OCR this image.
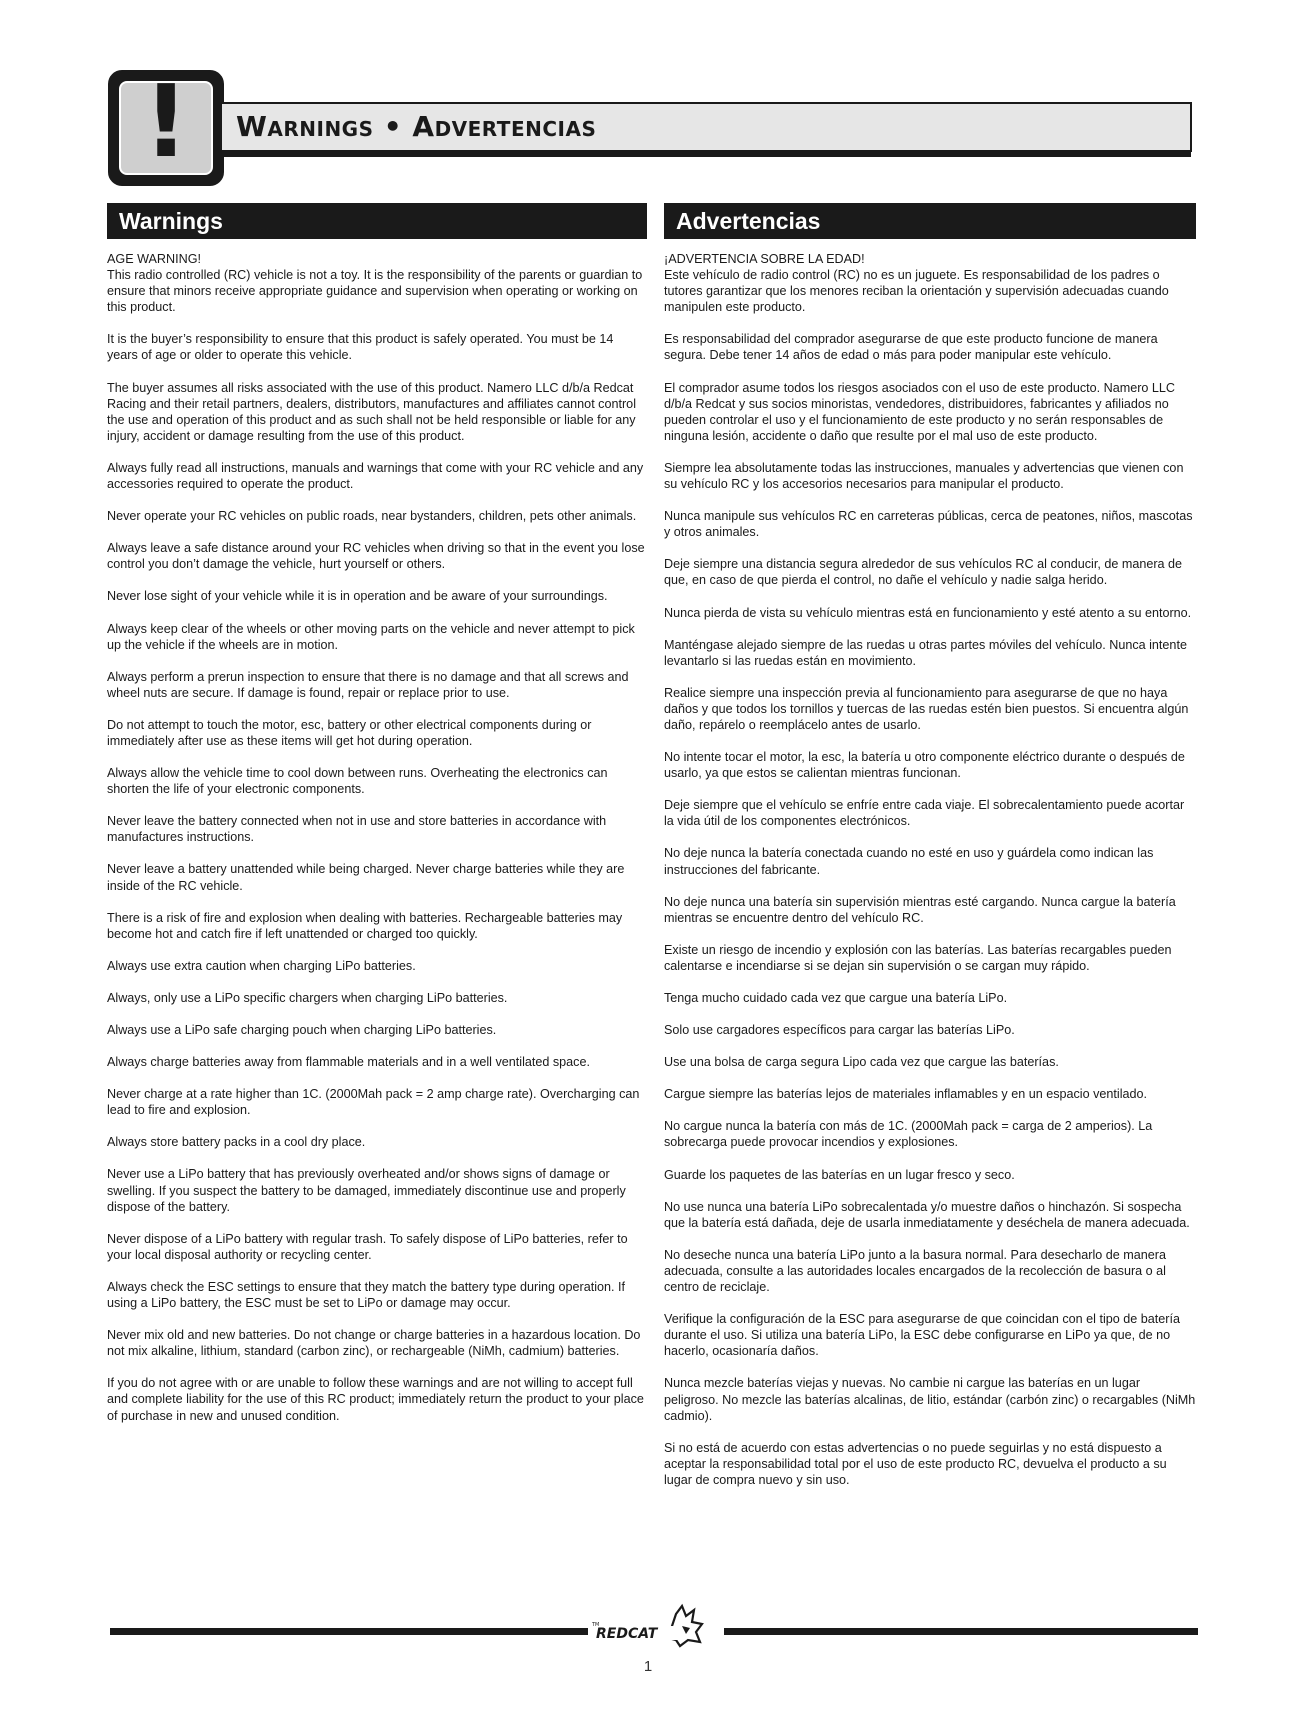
!	Warnings • Advertencias
Warnings

AGE WARNING!
This radio controlled (RC) vehicle is not a toy. It is the responsibility of the parents or guardian to ensure that minors receive appropriate guidance and supervision when operating or working on this product.

It is the buyer’s responsibility to ensure that this product is safely operated. You must be 14 years of age or older to operate this vehicle.

The buyer assumes all risks associated with the use of this product. Namero LLC d/b/a Redcat Racing and their retail partners, dealers, distributors, manufactures and affiliates cannot control the use and operation of this product and as such shall not be held responsible or liable for any injury, accident or damage resulting from the use of this product.

Always fully read all instructions, manuals and warnings that come with your RC vehicle and any accessories required to operate the product.

Never operate your RC vehicles on public roads, near bystanders, children, pets other animals.

Always leave a safe distance around your RC vehicles when driving so that in the event you lose control you don’t damage the vehicle, hurt yourself or others.

Never lose sight of your vehicle while it is in operation and be aware of your surroundings.

Always keep clear of the wheels or other moving parts on the vehicle and never attempt to pick up the vehicle if the wheels are in motion.

Always perform a prerun inspection to ensure that there is no damage and that all screws and wheel nuts are secure. If damage is found, repair or replace prior to use.

Do not attempt to touch the motor, esc, battery or other electrical components during or immediately after use as these items will get hot during operation.

Always allow the vehicle time to cool down between runs. Overheating the electronics can shorten the life of your electronic components.

Never leave the battery connected when not in use and store batteries in accordance with manufactures instructions.

Never leave a battery unattended while being charged. Never charge batteries while they are inside of the RC vehicle.

There is a risk of fire and explosion when dealing with batteries. Rechargeable batteries may become hot and catch fire if left unattended or charged too quickly.

Always use extra caution when charging LiPo batteries.

Always, only use a LiPo specific chargers when charging LiPo batteries.

Always use a LiPo safe charging pouch when charging LiPo batteries.

Always charge batteries away from flammable materials and in a well ventilated space.

Never charge at a rate higher than 1C. (2000Mah pack = 2 amp charge rate). Overcharging can lead to fire and explosion.

Always store battery packs in a cool dry place.

Never use a LiPo battery that has previously overheated and/or shows signs of damage or swelling. If you suspect the battery to be damaged, immediately discontinue use and properly dispose of the battery.

Never dispose of a LiPo battery with regular trash. To safely dispose of LiPo batteries, refer to your local disposal authority or recycling center.

Always check the ESC settings to ensure that they match the battery type during operation. If using a LiPo battery, the ESC must be set to LiPo or damage may occur.

Never mix old and new batteries. Do not change or charge batteries in a hazardous location. Do not mix alkaline, lithium, standard (carbon zinc), or rechargeable (NiMh, cadmium) batteries.

If you do not agree with or are unable to follow these warnings and are not willing to accept full and complete liability for the use of this RC product; immediately return the product to your place of purchase in new and unused condition.

Advertencias

¡ADVERTENCIA SOBRE LA EDAD!
Este vehículo de radio control (RC) no es un juguete. Es responsabilidad de los padres o tutores garantizar que los menores reciban la orientación y supervisión adecuadas cuando manipulen este producto.

Es responsabilidad del comprador asegurarse de que este producto funcione de manera segura. Debe tener 14 años de edad o más para poder manipular este vehículo.

El comprador asume todos los riesgos asociados con el uso de este producto. Namero LLC d/b/a Redcat y sus socios minoristas, vendedores, distribuidores, fabricantes y afiliados no pueden controlar el uso y el funcionamiento de este producto y no serán responsables de ninguna lesión, accidente o daño que resulte por el mal uso de este producto.

Siempre lea absolutamente todas las instrucciones, manuales y advertencias que vienen con su vehículo RC y los accesorios necesarios para manipular el producto.

Nunca manipule sus vehículos RC en carreteras públicas, cerca de peatones, niños, mascotas y otros animales.

Deje siempre una distancia segura alrededor de sus vehículos RC al conducir, de manera de que, en caso de que pierda el control, no dañe el vehículo y nadie salga herido.

Nunca pierda de vista su vehículo mientras está en funcionamiento y esté atento a su entorno.

Manténgase alejado siempre de las ruedas u otras partes móviles del vehículo. Nunca intente levantarlo si las ruedas están en movimiento.

Realice siempre una inspección previa al funcionamiento para asegurarse de que no haya daños y que todos los tornillos y tuercas de las ruedas estén bien puestos. Si encuentra algún daño, repárelo o reemplácelo antes de usarlo.

No intente tocar el motor, la esc, la batería u otro componente eléctrico durante o después de usarlo, ya que estos se calientan mientras funcionan.

Deje siempre que el vehículo se enfríe entre cada viaje. El sobrecalentamiento puede acortar la vida útil de los componentes electrónicos.

No deje nunca la batería conectada cuando no esté en uso y guárdela como indican las instrucciones del fabricante.

No deje nunca una batería sin supervisión mientras esté cargando. Nunca cargue la batería mientras se encuentre dentro del vehículo RC.

Existe un riesgo de incendio y explosión con las baterías. Las baterías recargables pueden calentarse e incendiarse si se dejan sin supervisión o se cargan muy rápido.

Tenga mucho cuidado cada vez que cargue una batería LiPo.

Solo use cargadores específicos para cargar las baterías LiPo.

Use una bolsa de carga segura Lipo cada vez que cargue las baterías.

Cargue siempre las baterías lejos de materiales inflamables y en un espacio ventilado.

No cargue nunca la batería con más de 1C. (2000Mah pack = carga de 2 amperios). La sobrecarga puede provocar incendios y explosiones.

Guarde los paquetes de las baterías en un lugar fresco y seco.

No use nunca una batería LiPo sobrecalentada y/o muestre daños o hinchazón. Si sospecha que la batería está dañada, deje de usarla inmediatamente y deséchela de manera adecuada.

No deseche nunca una batería LiPo junto a la basura normal. Para desecharlo de manera adecuada, consulte a las autoridades locales encargados de la recolección de basura o al centro de reciclaje.

Verifique la configuración de la ESC para asegurarse de que coincidan con el tipo de batería durante el uso. Si utiliza una batería LiPo, la ESC debe configurarse en LiPo ya que, de no hacerlo, ocasionaría daños.

Nunca mezcle baterías viejas y nuevas. No cambie ni cargue las baterías en un lugar peligroso. No mezcle las baterías alcalinas, de litio, estándar (carbón zinc) o recargables (NiMh cadmio).

Si no está de acuerdo con estas advertencias o no puede seguirlas y no está dispuesto a aceptar la responsabilidad total por el uso de este producto RC, devuelva el producto a su lugar de compra nuevo y sin uso.

REDCAT
TM
1
